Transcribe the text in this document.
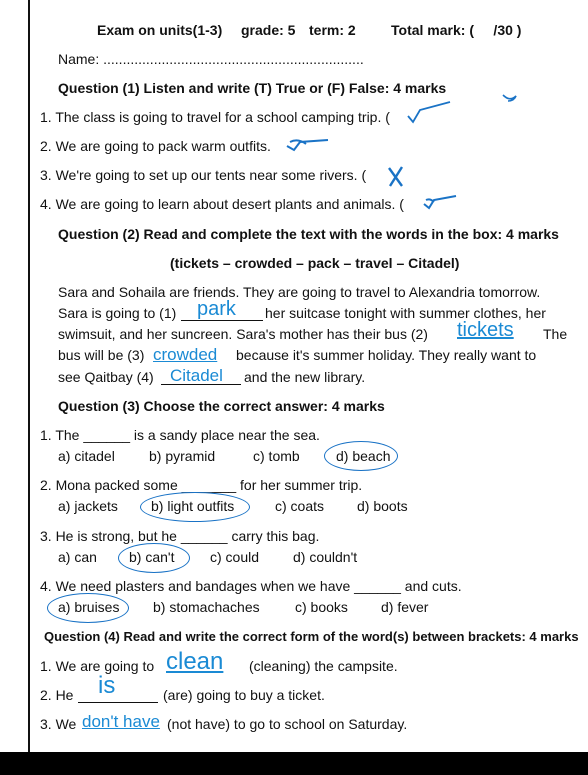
Exam on units(1-3) grade: 5 term: 2	Total mark: (     /30 )
Name: ...................................................................
Question (1) Listen and write (T) True or (F) False: 4 marks
1. The class is going to travel for a school camping trip. (
2. We are going to pack warm outfits.
3. We're going to set up our tents near some rivers. (
4. We are going to learn about desert plants and animals. (
Question (2) Read and complete the text with the words in the box: 4 marks
(tickets – crowded – pack – travel – Citadel)
Sara and Sohaila are friends. They are going to travel to Alexandria tomorrow.
Sara is going to (1) park her suitcase tonight with summer clothes, her
swimsuit, and her suncreen. Sara's mother has their bus (2) tickets The
bus will be (3) crowded because it's summer holiday. They really want to
see Qaitbay (4) Citadel and the new library.
Question (3) Choose the correct answer: 4 marks
1. The ______ is a sandy place near the sea.
a) citadel b) pyramid	c) tomb	d) beach
2. Mona packed some _______ for her summer trip.
a) jackets b) light outfits	c) coats d) boots
3. He is strong, but he ______ carry this bag.
a) can b) can't	c) could d) couldn't
4. We need plasters and bandages when we have ______ and cuts.
a) bruises b) stomachaches	c) books d) fever
Question (4) Read and write the correct form of the word(s) between brackets: 4 marks
1. We are going to clean (cleaning) the campsite.
2. He is	(are) going to buy a ticket.
3. We don't have (not have) to go to school on Saturday.
